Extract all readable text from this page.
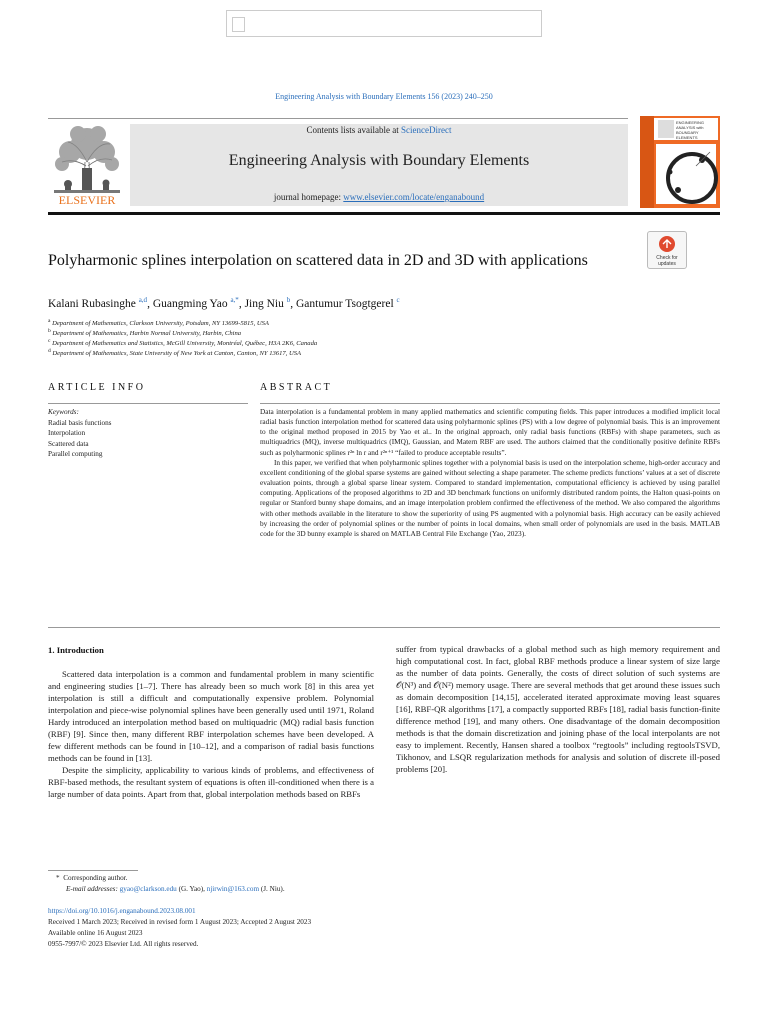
Engineering Analysis with Boundary Elements 156 (2023) 240–250
Contents lists available at ScienceDirect
Engineering Analysis with Boundary Elements
journal homepage: www.elsevier.com/locate/enganabound
ELSEVIER
ENGINEERING
ANALYSIS with
BOUNDARY
ELEMENTS
Polyharmonic splines interpolation on scattered data in 2D and 3D with applications	Check for
updates
Kalani Rubasinghe $^{a,d}$, Guangming Yao $^{a,*}$, Jing Niu $^b$, Gantumur Tsogtgerel $^c$
$^a$ Department of Mathematics, Clarkson University, Potsdam, NY 13699-5815, USA
$^b$ Department of Mathematics, Harbin Normal University, Harbin, China
$^c$ Department of Mathematics and Statistics, McGill University, Montréal, Québec, H3A 2K6, Canada
$^d$ Department of Mathematics, State University of New York at Canton, Canton, NY 13617, USA
ARTICLE INFO	ABSTRACT
Keywords:
Radial basis functions
Interpolation
Scattered data
Parallel computing

Data interpolation is a fundamental problem in many applied mathematics and scientific computing fields. This paper introduces a modified implicit local radial basis function interpolation method for scattered data using polyharmonic splines (PS) with a low degree of polynomial basis. This is an improvement to the original method proposed in 2015 by Yao et al.. In the original approach, only radial basis functions (RBFs) with shape parameters, such as multiquadrics (MQ), inverse multiquadrics (IMQ), Gaussian, and Matern RBF are used. The authors claimed that the conditionally positive definite RBFs such as polyharmonic splines r²ⁿ ln r and r²ⁿ⁺¹ “failed to produce acceptable results”.

In this paper, we verified that when polyharmonic splines together with a polynomial basis is used on the interpolation scheme, high-order accuracy and excellent conditioning of the global sparse systems are gained without selecting a shape parameter. The scheme predicts functions’ values at a set of discrete evaluation points, through a global sparse linear system. Compared to standard implementation, computational efficiency is achieved by using parallel computing. Applications of the proposed algorithms to 2D and 3D benchmark functions on uniformly distributed random points, the Halton quasi-points on regular or Stanford bunny shape domains, and an image interpolation problem confirmed the effectiveness of the method. We also compared the algorithms with other methods available in the literature to show the superiority of using PS augmented with a polynomial basis. High accuracy can be easily achieved by increasing the order of polynomial splines or the number of points in local domains, when small order of polynomials are used in the basis. MATLAB code for the 3D bunny example is shared on MATLAB Central File Exchange (Yao, 2023).

1. Introduction

Scattered data interpolation is a common and fundamental problem in many scientific and engineering studies [1–7]. There has already been so much work [8] in this area yet interpolation is still a difficult and computationally expensive problem. Polynomial interpolation and piece-wise polynomial splines have been generally used until 1971, Roland Hardy introduced an interpolation method based on multiquadric (MQ) radial basis function (RBF) [9]. Since then, many different RBF interpolation schemes have been developed. A few different methods can be found in [10–12], and a comparison of radial basis functions methods can be found in [13].

Despite the simplicity, applicability to various kinds of problems, and effectiveness of RBF-based methods, the resultant system of equations is often ill-conditioned when there is a large number of data points. Apart from that, global interpolation methods based on RBFs

suffer from typical drawbacks of a global method such as high memory requirement and high computational cost. In fact, global RBF methods produce a linear system of size large as the number of data points. Generally, the costs of direct solution of such systems are 𝒪(N³) and 𝒪(N²) memory usage. There are several methods that get around these issues such as domain decomposition [14,15], accelerated iterated approximate moving least squares [16], RBF-QR algorithms [17], a compactly supported RBFs [18], radial basis function-finite difference method [19], and many others. One disadvantage of the domain decomposition methods is that the domain discretization and joining phase of the local interpolants are not easy to implement. Recently, Hansen shared a toolbox “regtools” including regtoolsTSVD, Tikhonov, and LSQR regularization methods for analysis and solution of discrete ill-posed problems [20].

* Corresponding author.
E-mail addresses: gyao@clarkson.edu (G. Yao), njirwin@163.com (J. Niu).
https://doi.org/10.1016/j.enganabound.2023.08.001
Received 1 March 2023; Received in revised form 1 August 2023; Accepted 2 August 2023
Available online 16 August 2023
0955-7997/© 2023 Elsevier Ltd. All rights reserved.
